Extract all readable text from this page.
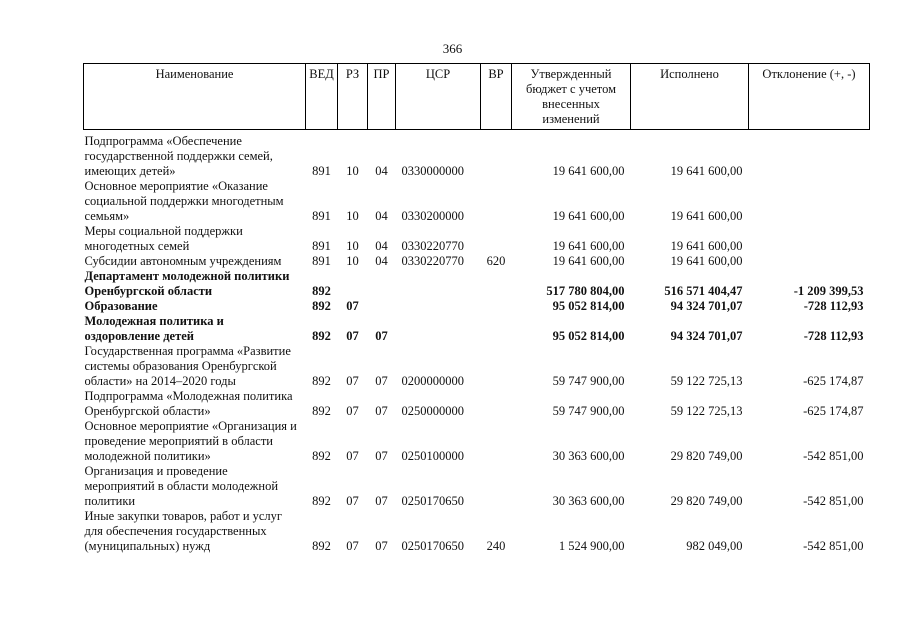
366
Наименование	ВЕД	РЗ	ПР	ЦСР	ВР	Утвержденный бюджет с учетом внесенных изменений	Исполнено	Отклонение (+, -)
Подпрограмма «Обеспечение государственной поддержки семей, имеющих детей»	891	10	04	0330000000		19 641 600,00	19 641 600,00	
Основное мероприятие «Оказание социальной поддержки многодетным семьям»	891	10	04	0330200000		19 641 600,00	19 641 600,00	
Меры социальной поддержки многодетных семей	891	10	04	0330220770		19 641 600,00	19 641 600,00	
Субсидии автономным учреждениям	891	10	04	0330220770	620	19 641 600,00	19 641 600,00	
Департамент молодежной политики Оренбургской области	892					517 780 804,00	516 571 404,47	-1 209 399,53
Образование	892	07				95 052 814,00	94 324 701,07	-728 112,93
Молодежная политика и оздоровление детей	892	07	07			95 052 814,00	94 324 701,07	-728 112,93
Государственная программа «Развитие системы образования Оренбургской области» на 2014–2020 годы	892	07	07	0200000000		59 747 900,00	59 122 725,13	-625 174,87
Подпрограмма «Молодежная политика Оренбургской области»	892	07	07	0250000000		59 747 900,00	59 122 725,13	-625 174,87
Основное мероприятие «Организация и проведение мероприятий в области молодежной политики»	892	07	07	0250100000		30 363 600,00	29 820 749,00	-542 851,00
Организация и проведение мероприятий в области молодежной политики	892	07	07	0250170650		30 363 600,00	29 820 749,00	-542 851,00
Иные закупки товаров, работ и услуг для обеспечения государственных (муниципальных) нужд	892	07	07	0250170650	240	1 524 900,00	982 049,00	-542 851,00
